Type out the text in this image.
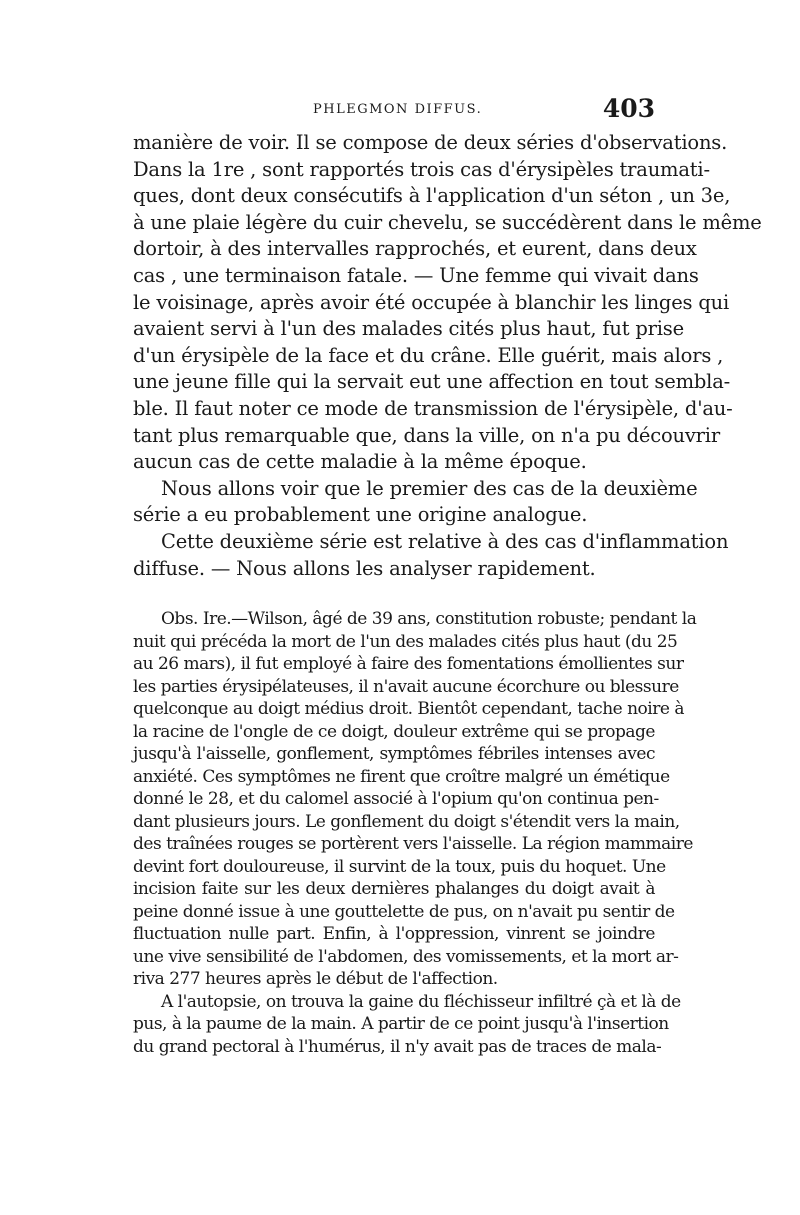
PHLEGMON DIFFUS.	403
manière de voir. Il se compose de deux séries d'observations.
Dans la 1re , sont rapportés trois cas d'érysipèles traumati-
ques, dont deux consécutifs à l'application d'un séton , un 3e,
à une plaie légère du cuir chevelu, se succédèrent dans le même
dortoir, à des intervalles rapprochés, et eurent, dans deux
cas , une terminaison fatale. — Une femme qui vivait dans
le voisinage, après avoir été occupée à blanchir les linges qui
avaient servi à l'un des malades cités plus haut, fut prise
d'un érysipèle de la face et du crâne. Elle guérit, mais alors ,
une jeune fille qui la servait eut une affection en tout sembla-
ble. Il faut noter ce mode de transmission de l'érysipèle, d'au-
tant plus remarquable que, dans la ville, on n'a pu découvrir
aucun cas de cette maladie à la même époque.
Nous allons voir que le premier des cas de la deuxième
série a eu probablement une origine analogue.
Cette deuxième série est relative à des cas d'inflammation
diffuse. — Nous allons les analyser rapidement.
Obs. Ire.—Wilson, âgé de 39 ans, constitution robuste; pendant la
nuit qui précéda la mort de l'un des malades cités plus haut (du 25
au 26 mars), il fut employé à faire des fomentations émollientes sur
les parties érysipélateuses, il n'avait aucune écorchure ou blessure
quelconque au doigt médius droit. Bientôt cependant, tache noire à
la racine de l'ongle de ce doigt, douleur extrême qui se propage
jusqu'à l'aisselle, gonflement, symptômes fébriles intenses avec
anxiété. Ces symptômes ne firent que croître malgré un émétique
donné le 28, et du calomel associé à l'opium qu'on continua pen-
dant plusieurs jours. Le gonflement du doigt s'étendit vers la main,
des traînées rouges se portèrent vers l'aisselle. La région mammaire
devint fort douloureuse, il survint de la toux, puis du hoquet. Une
incision faite sur les deux dernières phalanges du doigt avait à
peine donné issue à une gouttelette de pus, on n'avait pu sentir de
fluctuation nulle part. Enfin, à l'oppression, vinrent se joindre
une vive sensibilité de l'abdomen, des vomissements, et la mort ar-
riva 277 heures après le début de l'affection.
A l'autopsie, on trouva la gaine du fléchisseur infiltré çà et là de
pus, à la paume de la main. A partir de ce point jusqu'à l'insertion
du grand pectoral à l'humérus, il n'y avait pas de traces de mala-
